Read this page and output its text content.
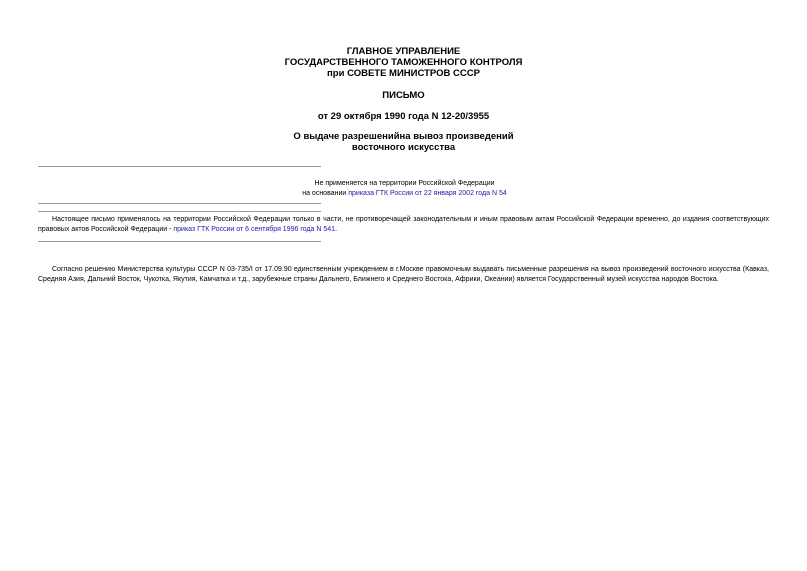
ГЛАВНОЕ УПРАВЛЕНИЕ
ГОСУДАРСТВЕННОГО ТАМОЖЕННОГО КОНТРОЛЯ
при СОВЕТЕ МИНИСТРОВ СССР
ПИСЬМО
от 29 октября 1990 года N 12-20/3955
О выдаче разрешенийна вывоз произведений
восточного искусства
Не применяется на территории Российской Федерации
на основании приказа ГТК России от 22 января 2002 года N 54

Настоящее письмо применялось на территории Российской Федерации только в части, не противоречащей законодательным и иным правовым актам Российской Федерации временно, до издания соответствующих правовых актов Российской Федерации - приказ ГТК России от 6 сентября 1996 года N 541.

Согласно решению Министерства культуры СССР N 03-735/I от 17.09.90 единственным учреждением в г.Москве правомочным выдавать письменные разрешения на вывоз произведений восточного искусства (Кавказ, Средняя Азия, Дальний Восток, Чукотка, Якутия, Камчатка и т.д., зарубежные страны Дальнего, Ближнего и Среднего Востока, Африки, Океании) является Государственный музей искусства народов Востока.
